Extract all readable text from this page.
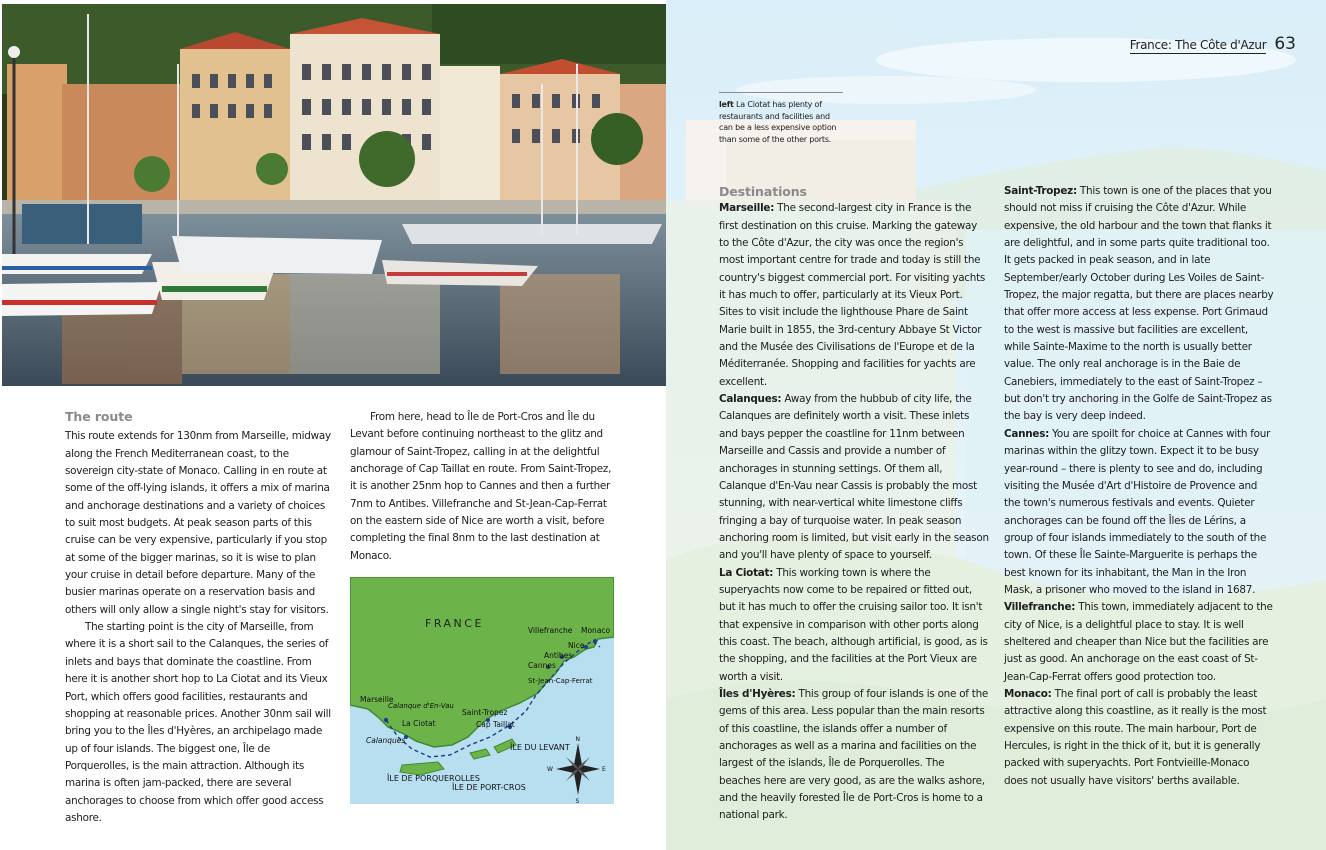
The route

This route extends for 130nm from Marseille, midway along the French Mediterranean coast, to the sovereign city-state of Monaco. Calling in en route at some of the off-lying islands, it offers a mix of marina and anchorage destinations and a variety of choices to suit most budgets. At peak season parts of this cruise can be very expensive, particularly if you stop at some of the bigger marinas, so it is wise to plan your cruise in detail before departure. Many of the busier marinas operate on a reservation basis and others will only allow a single night's stay for visitors.

The starting point is the city of Marseille, from where it is a short sail to the Calanques, the series of inlets and bays that dominate the coastline. From here it is another short hop to La Ciotat and its Vieux Port, which offers good facilities, restaurants and shopping at reasonable prices. Another 30nm sail will bring you to the Îles d'Hyères, an archipelago made up of four islands. The biggest one, Île de Porquerolles, is the main attraction. Although its marina is often jam-packed, there are several anchorages to choose from which offer good access ashore.

From here, head to Île de Port-Cros and Île du Levant before continuing northeast to the glitz and glamour of Saint-Tropez, calling in at the delightful anchorage of Cap Taillat en route. From Saint-Tropez, it is another 25nm hop to Cannes and then a further 7nm to Antibes. Villefranche and St-Jean-Cap-Ferrat on the eastern side of Nice are worth a visit, before completing the final 8nm to the last destination at Monaco.

FRANCE
Marseille
Calanque d'En-Vau
La Ciotat
Calanques
Saint-Tropez
Cap Taillat
Cannes
Antibes
Nice
Villefranche Monaco
St-Jean-Cap-Ferrat
ÎLE DU LEVANT
ÎLE DE PORQUEROLLES
ÎLE DE PORT-CROS
N
S
E
W
France: The Côte d'Azur 63
left La Ciotat has plenty of restaurants and facilities and can be a less expensive option than some of the other ports.
Destinations

Marseille: The second-largest city in France is the first destination on this cruise. Marking the gateway to the Côte d'Azur, the city was once the region's most important centre for trade and today is still the country's biggest commercial port. For visiting yachts it has much to offer, particularly at its Vieux Port. Sites to visit include the lighthouse Phare de Saint Marie built in 1855, the 3rd-century Abbaye St Victor and the Musée des Civilisations de l'Europe et de la Méditerranée. Shopping and facilities for yachts are excellent.

Calanques: Away from the hubbub of city life, the Calanques are definitely worth a visit. These inlets and bays pepper the coastline for 11nm between Marseille and Cassis and provide a number of anchorages in stunning settings. Of them all, Calanque d'En-Vau near Cassis is probably the most stunning, with near-vertical white limestone cliffs fringing a bay of turquoise water. In peak season anchoring room is limited, but visit early in the season and you'll have plenty of space to yourself.

La Ciotat: This working town is where the superyachts now come to be repaired or fitted out, but it has much to offer the cruising sailor too. It isn't that expensive in comparison with other ports along this coast. The beach, although artificial, is good, as is the shopping, and the facilities at the Port Vieux are worth a visit.

Îles d'Hyères: This group of four islands is one of the gems of this area. Less popular than the main resorts of this coastline, the islands offer a number of anchorages as well as a marina and facilities on the largest of the islands, Île de Porquerolles. The beaches here are very good, as are the walks ashore, and the heavily forested Île de Port-Cros is home to a national park.

Saint-Tropez: This town is one of the places that you should not miss if cruising the Côte d'Azur. While expensive, the old harbour and the town that flanks it are delightful, and in some parts quite traditional too. It gets packed in peak season, and in late September/early October during Les Voiles de Saint-Tropez, the major regatta, but there are places nearby that offer more access at less expense. Port Grimaud to the west is massive but facilities are excellent, while Sainte-Maxime to the north is usually better value. The only real anchorage is in the Baie de Canebiers, immediately to the east of Saint-Tropez – but don't try anchoring in the Golfe de Saint-Tropez as the bay is very deep indeed.

Cannes: You are spoilt for choice at Cannes with four marinas within the glitzy town. Expect it to be busy year-round – there is plenty to see and do, including visiting the Musée d'Art d'Histoire de Provence and the town's numerous festivals and events. Quieter anchorages can be found off the Îles de Lérins, a group of four islands immediately to the south of the town. Of these Île Sainte-Marguerite is perhaps the best known for its inhabitant, the Man in the Iron Mask, a prisoner who moved to the island in 1687.

Villefranche: This town, immediately adjacent to the city of Nice, is a delightful place to stay. It is well sheltered and cheaper than Nice but the facilities are just as good. An anchorage on the east coast of St-Jean-Cap-Ferrat offers good protection too.

Monaco: The final port of call is probably the least attractive along this coastline, as it really is the most expensive on this route. The main harbour, Port de Hercules, is right in the thick of it, but it is generally packed with superyachts. Port Fontvieille-Monaco does not usually have visitors' berths available.
